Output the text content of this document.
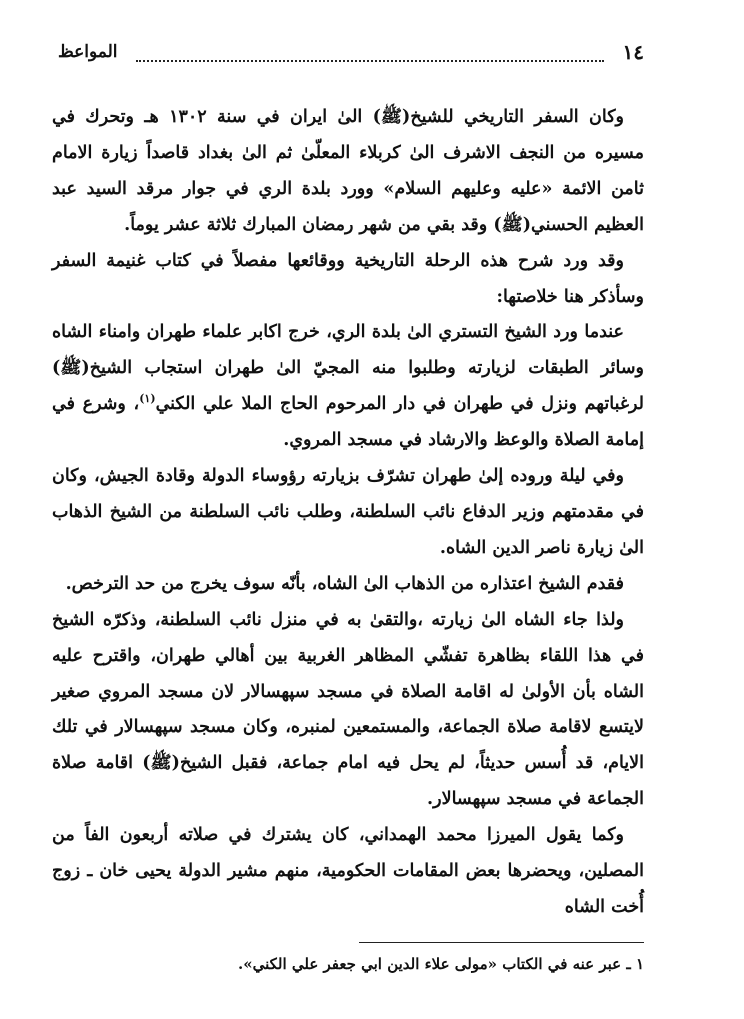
١٤
المواعظ

وكان السفر التاريخي للشيخ(ﷺ) الىٰ ايران في سنة ١٣٠٢ هـ وتحرك في مسيره من النجف الاشرف الىٰ كربلاء المعلّىٰ ثم الىٰ بغداد قاصداً زيارة الامام ثامن الائمة «عليه وعليهم السلام» وورد بلدة الري في جوار مرقد السيد عبد العظيم الحسني(ﷺ) وقد بقي من شهر رمضان المبارك ثلاثة عشر يوماً.

وقد ورد شرح هذه الرحلة التاريخية ووقائعها مفصلاً في كتاب غنيمة السفر وسأذكر هنا خلاصتها:

عندما ورد الشيخ التستري الىٰ بلدة الري، خرج اكابر علماء طهران وامناء الشاه وسائر الطبقات لزيارته وطلبوا منه المجيّ الىٰ طهران استجاب الشيخ(ﷺ) لرغباتهم ونزل في طهران في دار المرحوم الحاج الملا علي الكني$^{(١)}$، وشرع في إمامة الصلاة والوعظ والارشاد في مسجد المروي.

وفي ليلة وروده إلىٰ طهران تشرّف بزيارته رؤوساء الدولة وقادة الجيش، وكان في مقدمتهم وزير الدفاع نائب السلطنة، وطلب نائب السلطنة من الشيخ الذهاب الىٰ زيارة ناصر الدين الشاه.

فقدم الشيخ اعتذاره من الذهاب الىٰ الشاه، بأنّه سوف يخرج من حد الترخص.

ولذا جاء الشاه الىٰ زيارته ،والتقىٰ به في منزل نائب السلطنة، وذكرّه الشيخ في هذا اللقاء بظاهرة تفشّي المظاهر الغربية بين أهالي طهران، واقترح عليه الشاه بأن الأولىٰ له اقامة الصلاة في مسجد سپهسالار لان مسجد المروي صغير لايتسع لاقامة صلاة الجماعة، والمستمعين لمنبره، وكان مسجد سپهسالار في تلك الايام، قد أُسس حديثاً، لم يحل فيه امام جماعة، فقبل الشيخ(ﷺ) اقامة صلاة الجماعة في مسجد سپهسالار.

وكما يقول الميرزا محمد الهمداني، كان يشترك في صلاته أربعون الفاً من المصلين، ويحضرها بعض المقامات الحكومية، منهم مشير الدولة يحيى خان ـ زوج أُخت الشاه

١ ـ عبر عنه في الكتاب «مولى علاء الدين ابي جعفر علي الكني».
